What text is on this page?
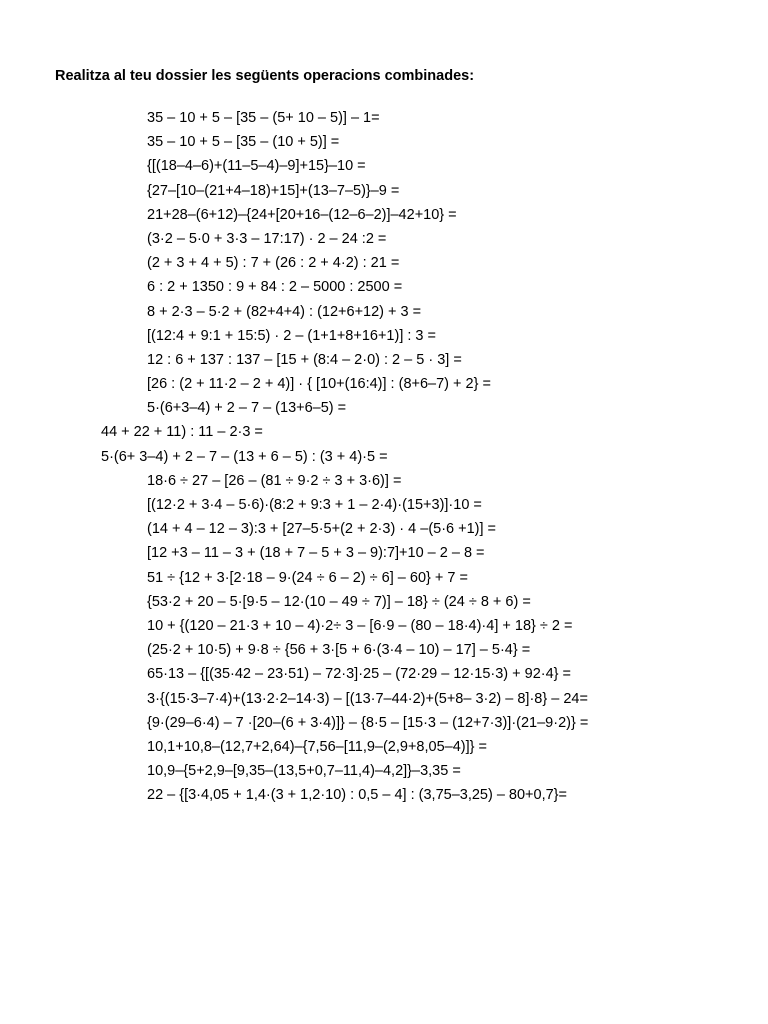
Realitza al teu dossier les següents operacions combinades:
35 – 10 + 5 – [35 – (5+ 10 – 5)] – 1=
35 – 10 + 5 – [35 – (10 + 5)] =
{[(18–4–6)+(11–5–4)–9]+15}–10 =
{27–[10–(21+4–18)+15]+(13–7–5)}–9 =
21+28–(6+12)–{24+[20+16–(12–6–2)]–42+10} =
(3·2 – 5·0 + 3·3 – 17:17) · 2 – 24 :2 =
(2 + 3 + 4 + 5) : 7 + (26 : 2 + 4·2) : 21 =
6 : 2 + 1350 : 9 + 84 : 2 – 5000 : 2500 =
8 + 2·3 – 5·2 + (82+4+4) : (12+6+12) + 3 =
[(12:4 + 9:1 + 15:5) · 2 – (1+1+8+16+1)] : 3 =
12 : 6 + 137 : 137 – [15 + (8:4 – 2·0) : 2 – 5 · 3] =
[26 : (2 + 11·2 – 2 + 4)] · { [10+(16:4)] : (8+6–7) + 2} =
5·(6+3–4) + 2 – 7 – (13+6–5) =
44 + 22 + 11) : 11 – 2·3 =
5·(6+ 3–4) + 2 – 7 – (13 + 6 – 5) : (3 + 4)·5 =
18·6 ÷ 27 – [26 – (81 ÷ 9·2 ÷ 3 + 3·6)] =
[(12·2 + 3·4 – 5·6)·(8:2 + 9:3 + 1 – 2·4)·(15+3)]·10 =
(14 + 4 – 12 – 3):3 + [27–5·5+(2 + 2·3) · 4 –(5·6 +1)] =
[12 +3 – 11 – 3 + (18 + 7 – 5 + 3 – 9):7]+10 – 2 – 8 =
51 ÷ {12 + 3·[2·18 – 9·(24 ÷ 6 – 2) ÷ 6] – 60} + 7 =
{53·2 + 20 – 5·[9·5 – 12·(10 – 49 ÷ 7)] – 18} ÷ (24 ÷ 8 + 6) =
10 + {(120 – 21·3 + 10 – 4)·2÷ 3 – [6·9 – (80 – 18·4)·4] + 18} ÷ 2 =
(25·2 + 10·5) + 9·8 ÷ {56 + 3·[5 + 6·(3·4 – 10) – 17] – 5·4} =
65·13 – {[(35·42 – 23·51) – 72·3]·25 – (72·29 – 12·15·3) + 92·4} =
3·{(15·3–7·4)+(13·2·2–14·3) – [(13·7–44·2)+(5+8– 3·2) – 8]·8} – 24=
{9·(29–6·4) – 7 ·[20–(6 + 3·4)]} – {8·5 – [15·3 – (12+7·3)]·(21–9·2)} =
10,1+10,8–(12,7+2,64)–{7,56–[11,9–(2,9+8,05–4)]} =
10,9–{5+2,9–[9,35–(13,5+0,7–11,4)–4,2]}–3,35 =
22 – {[3·4,05 + 1,4·(3 + 1,2·10) : 0,5 – 4] : (3,75–3,25) – 80+0,7}=
